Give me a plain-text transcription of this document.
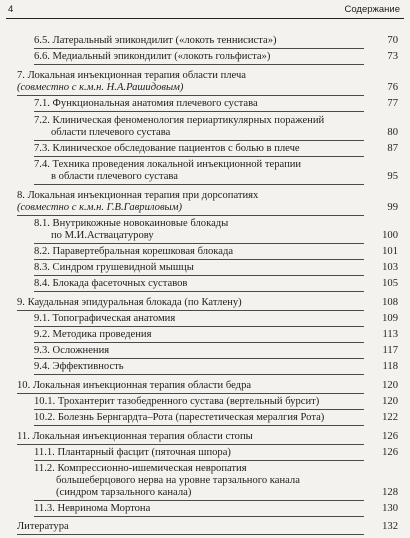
4	Содержание
6.5. Латеральный эпикондилит («локоть теннисиста»)	70
6.6. Медиальный эпикондилит («локоть гольфиста»)	73
7. Локальная инъекционная терапия области плеча
(совместно с к.м.н. Н.А.Рашидовым)	76
7.1. Функциональная анатомия плечевого сустава	77
7.2. Клиническая феноменология периартикулярных поражений
области плечевого сустава	80
7.3. Клиническое обследование пациентов с болью в плече	87
7.4. Техника проведения локальной инъекционной терапии
в области плечевого сустава	95
8. Локальная инъекционная терапия при дорсопатиях
(совместно с к.м.н. Г.В.Гавриловым)	99
8.1. Внутрикожные новокаиновые блокады
по М.И.Аствацатурову	100
8.2. Паравертебральная корешковая блокада	101
8.3. Синдром грушевидной мышцы	103
8.4. Блокада фасеточных суставов	105
9. Каудальная эпидуральная блокада (по Катлену)	108
9.1. Топографическая анатомия	109
9.2. Методика проведения	113
9.3. Осложнения	117
9.4. Эффективность	118
10. Локальная инъекционная терапия области бедра	120
10.1. Трохантерит тазобедренного сустава (вертельный бурсит)	120
10.2. Болезнь Бернгардта–Рота (парестетическая мералгия Рота)	122
11. Локальная инъекционная терапия области стопы	126
11.1. Плантарный фасцит (пяточная шпора)	126
11.2. Компрессионно-ишемическая невропатия
большеберцового нерва на уровне тарзального канала
(синдром тарзального канала)	128
11.3. Невринома Мортона	130
Литература	132
